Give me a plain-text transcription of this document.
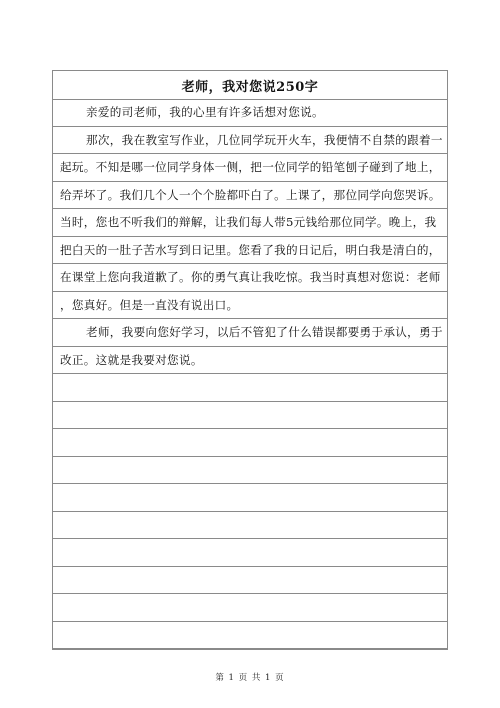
老师，我对您说250字
亲爱的司老师，我的心里有许多话想对您说。
那次，我在教室写作业，几位同学玩开火车，我便情不自禁的跟着一
起玩。不知是哪一位同学身体一侧，把一位同学的铅笔刨子碰到了地上，
给弄坏了。我们几个人一个个脸都吓白了。上课了，那位同学向您哭诉。
当时，您也不听我们的辩解，让我们每人带5元钱给那位同学。晚上，我
把白天的一肚子苦水写到日记里。您看了我的日记后，明白我是清白的，
在课堂上您向我道歉了。你的勇气真让我吃惊。我当时真想对您说：老师
，您真好。但是一直没有说出口。
老师，我要向您好学习，以后不管犯了什么错误都要勇于承认，勇于
改正。这就是我要对您说。
第 1 页 共 1 页
